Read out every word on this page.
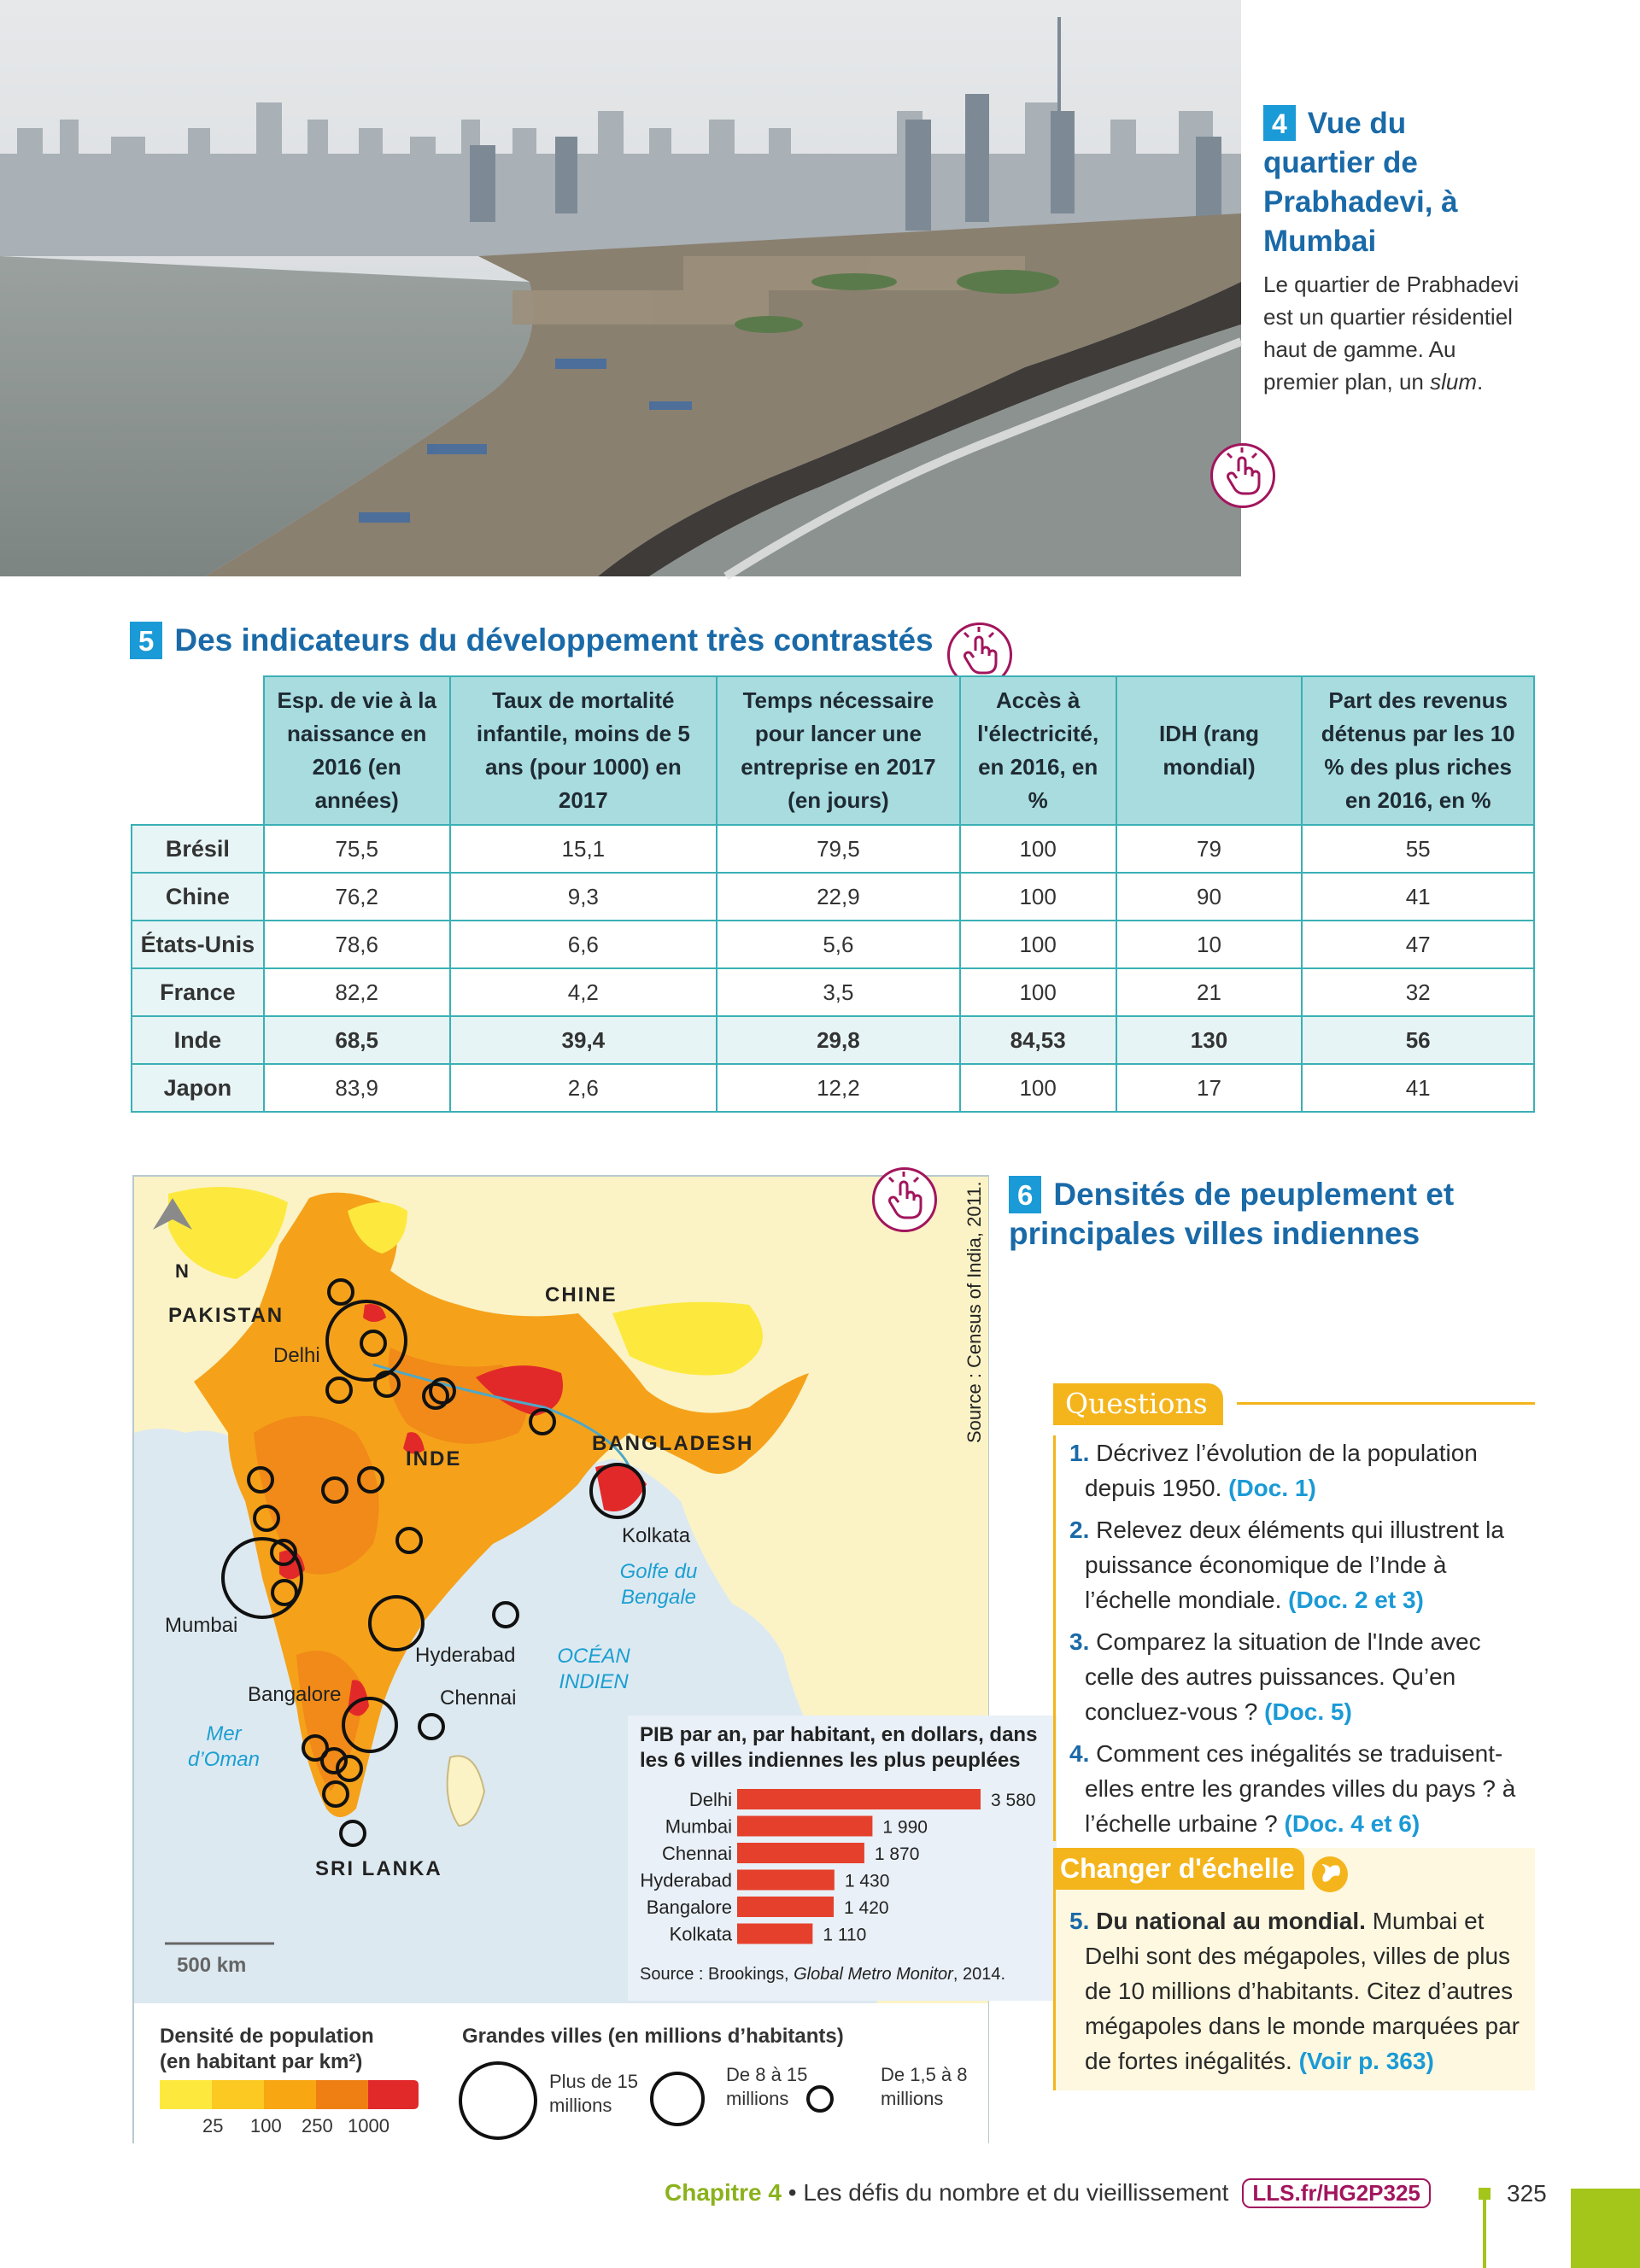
4 Vue du quartier de Prabhadevi, à Mumbai
Le quartier de Prabhadevi est un quartier résidentiel haut de gamme. Au premier plan, un slum.
5 Des indicateurs du développement très contrastés
	Esp. de vie à la naissance en 2016 (en années)	Taux de mortalité infantile, moins de 5 ans (pour 1000) en 2017	Temps nécessaire pour lancer une entreprise en 2017 (en jours)	Accès à l'électricité, en 2016, en %	IDH (rang mondial)	Part des revenus détenus par les 10 % des plus riches en 2016, en %
Brésil	75,5	15,1	79,5	100	79	55
Chine	76,2	9,3	22,9	100	90	41
États-Unis	78,6	6,6	5,6	100	10	47
France	82,2	4,2	3,5	100	21	32
Inde	68,5	39,4	29,8	84,53	130	56
Japon	83,9	2,6	12,2	100	17	41
N
PAKISTAN
CHINE
INDE
BANGLADESH
SRI LANKA
Delhi
Mumbai
Kolkata
Hyderabad
Bangalore	Chennai
Golfe du Bengale
OCÉAN INDIEN
Mer d’Oman
500 km
PIB par an, par habitant, en dollars, dans les 6 villes indiennes les plus peuplées
Delhi	3 580
Mumbai	1 990
Chennai	1 870
Hyderabad	1 430
Bangalore	1 420
Kolkata	1 110
Source : Brookings, Global Metro Monitor, 2014.
Densité de population (en habitant par km²)
25 100 250 1000
Grandes villes (en millions d’habitants)
Plus de 15 millions
De 8 à 15 millions
De 1,5 à 8 millions
Source : Census of India, 2011.	6 Densités de peuplement et principales villes indiennes
Questions
1. Décrivez l’évolution de la population depuis 1950. (Doc. 1)
2. Relevez deux éléments qui illustrent la puissance économique de l’Inde à l’échelle mondiale. (Doc. 2 et 3)
3. Comparez la situation de l'Inde avec celle des autres puissances. Qu’en concluez-vous ? (Doc. 5)
4. Comment ces inégalités se traduisent-elles entre les grandes villes du pays ? à l’échelle urbaine ? (Doc. 4 et 6)
Changer d'échelle
5. Du national au mondial. Mumbai et Delhi sont des mégapoles, villes de plus de 10 millions d’habitants. Citez d’autres mégapoles dans le monde marquées par de fortes inégalités. (Voir p. 363)
Chapitre 4 • Les défis du nombre et du vieillissement LLS.fr/HG2P325	325
